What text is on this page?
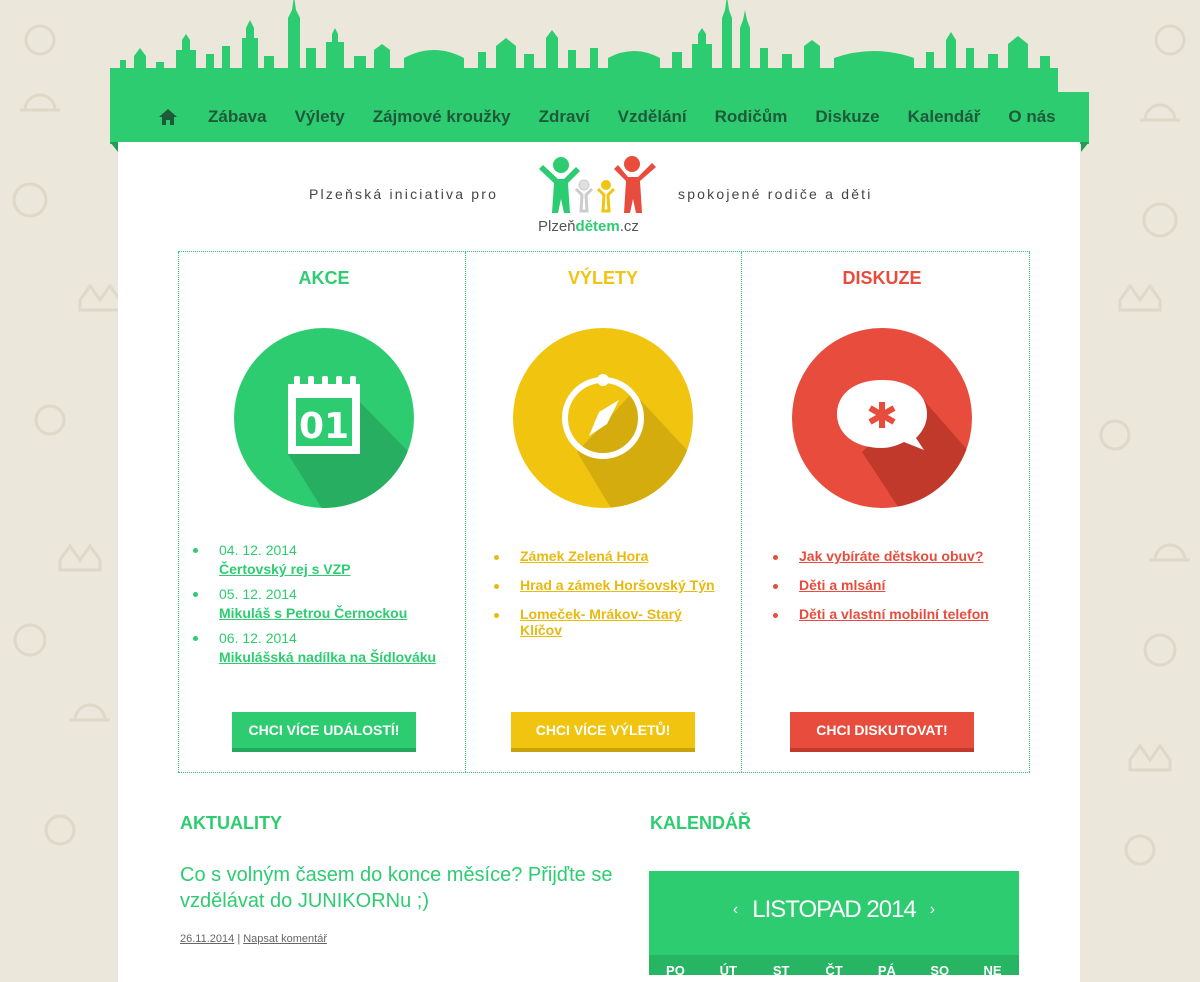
Zábava Výlety Zájmové kroužky Zdraví Vzdělání Rodičům Diskuze Kalendář O nás
Plzeňská iniciativa pro
Plzeňdětem.cz
spokojené rodiče a děti
AKCE
01
04. 12. 2014
Čertovský rej s VZP
05. 12. 2014
Mikuláš s Petrou Černockou
06. 12. 2014
Mikulášská nadílka na Šídlováku
CHCI VÍCE UDÁLOSTÍ!
VÝLETY
Zámek Zelená Hora
Hrad a zámek Horšovský Týn
Lomeček- Mrákov- Starý Klíčov
CHCI VÍCE VÝLETŮ!
DISKUZE
Jak vybíráte dětskou obuv?
Děti a mlsání
Děti a vlastní mobilní telefon
CHCI DISKUTOVAT!
AKTUALITY
Co s volným časem do konce měsíce? Přijďte se vzdělávat do JUNIKORNu ;)
26.11.2014 | Napsat komentář
KALENDÁŘ
‹ LISTOPAD 2014 ›
PO	ÚT	ST	ČT	PÁ	SO	NE
